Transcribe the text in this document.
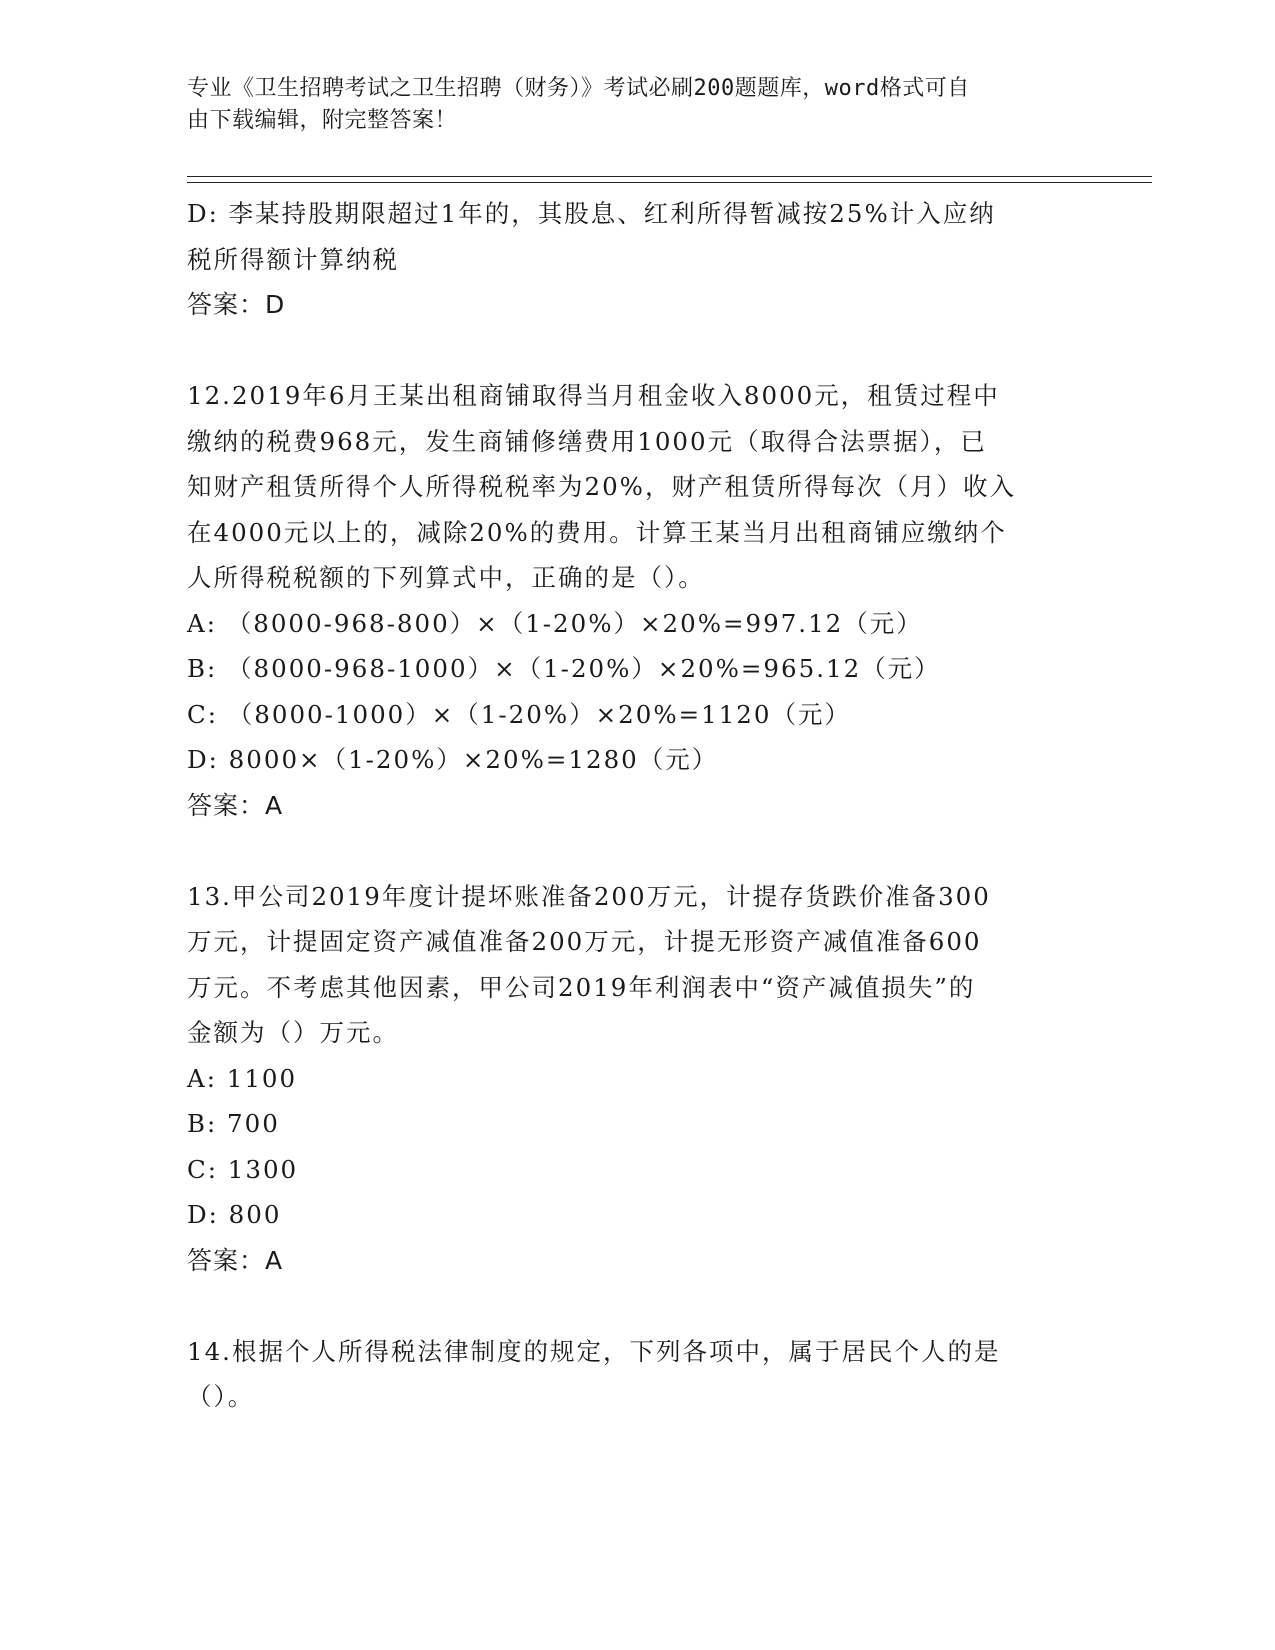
专业《卫生招聘考试之卫生招聘（财务）》考试必刷200题题库，word格式可自
由下载编辑，附完整答案！
D: 李某持股期限超过1年的，其股息、红利所得暂减按25%计入应纳
税所得额计算纳税
答案：D
12.2019年6月王某出租商铺取得当月租金收入8000元，租赁过程中
缴纳的税费968元，发生商铺修缮费用1000元（取得合法票据），已
知财产租赁所得个人所得税税率为20%，财产租赁所得每次（月）收入
在4000元以上的，减除20%的费用。计算王某当月出租商铺应缴纳个
人所得税税额的下列算式中，正确的是（）。
A: （8000-968-800）×（1-20%）×20%=997.12（元）
B: （8000-968-1000）×（1-20%）×20%=965.12（元）
C: （8000-1000）×（1-20%）×20%=1120（元）
D: 8000×（1-20%）×20%=1280（元）
答案：A
13.甲公司2019年度计提坏账准备200万元，计提存货跌价准备300
万元，计提固定资产减值准备200万元，计提无形资产减值准备600
万元。不考虑其他因素，甲公司2019年利润表中“资产减值损失”的
金额为（）万元。
A: 1100
B: 700
C: 1300
D: 800
答案：A
14.根据个人所得税法律制度的规定，下列各项中，属于居民个人的是
（）。
